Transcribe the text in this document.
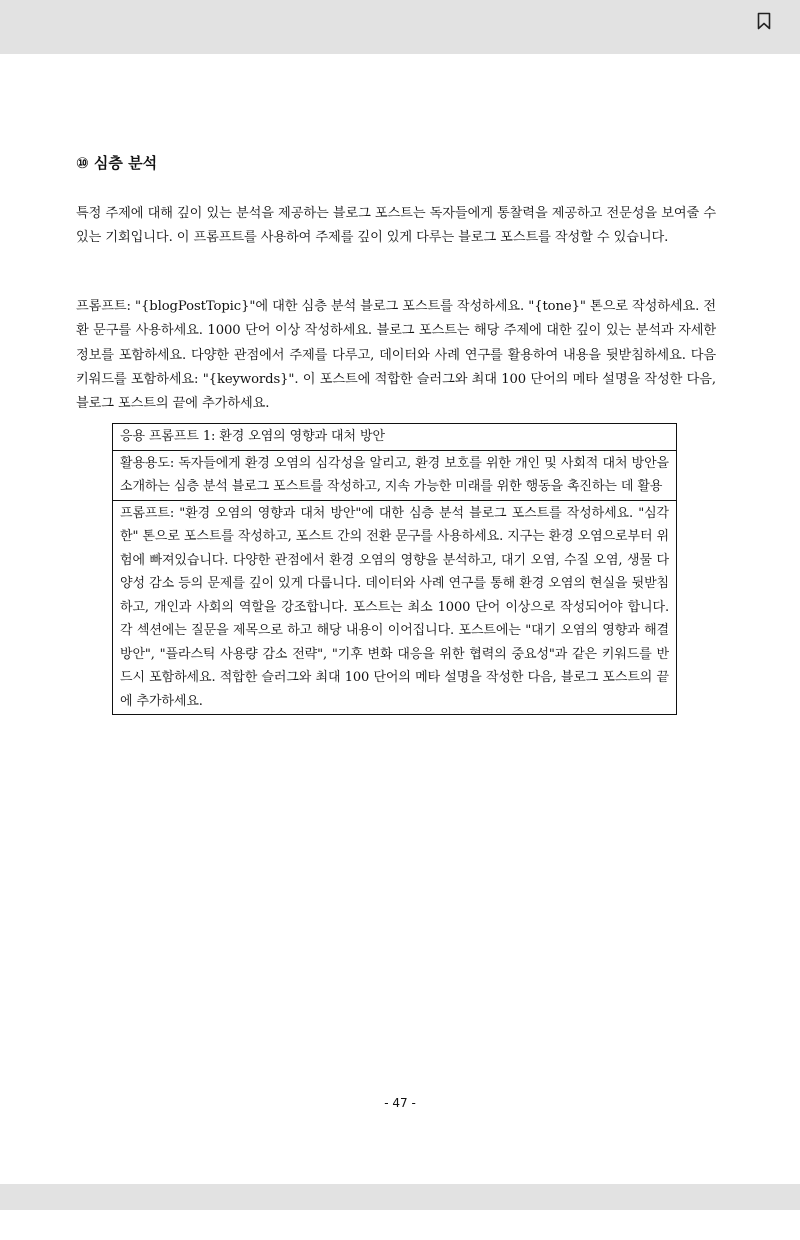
⑩ 심층 분석

특정 주제에 대해 깊이 있는 분석을 제공하는 블로그 포스트는 독자들에게 통찰력을 제공하고 전문성을 보여줄 수 있는 기회입니다. 이 프롬프트를 사용하여 주제를 깊이 있게 다루는 블로그 포스트를 작성할 수 있습니다.

프롬프트: "{blogPostTopic}"에 대한 심층 분석 블로그 포스트를 작성하세요. "{tone}" 톤으로 작성하세요. 전환 문구를 사용하세요. 1000 단어 이상 작성하세요. 블로그 포스트는 해당 주제에 대한 깊이 있는 분석과 자세한 정보를 포함하세요. 다양한 관점에서 주제를 다루고, 데이터와 사례 연구를 활용하여 내용을 뒷받침하세요. 다음 키워드를 포함하세요: "{keywords}". 이 포스트에 적합한 슬러그와 최대 100 단어의 메타 설명을 작성한 다음, 블로그 포스트의 끝에 추가하세요.

응용 프롬프트 1: 환경 오염의 영향과 대처 방안
활용용도: 독자들에게 환경 오염의 심각성을 알리고, 환경 보호를 위한 개인 및 사회적 대처 방안을 소개하는 심층 분석 블로그 포스트를 작성하고, 지속 가능한 미래를 위한 행동을 촉진하는 데 활용
프롬프트: "환경 오염의 영향과 대처 방안"에 대한 심층 분석 블로그 포스트를 작성하세요. "심각한" 톤으로 포스트를 작성하고, 포스트 간의 전환 문구를 사용하세요. 지구는 환경 오염으로부터 위험에 빠져있습니다. 다양한 관점에서 환경 오염의 영향을 분석하고, 대기 오염, 수질 오염, 생물 다양성 감소 등의 문제를 깊이 있게 다룹니다. 데이터와 사례 연구를 통해 환경 오염의 현실을 뒷받침하고, 개인과 사회의 역할을 강조합니다. 포스트는 최소 1000 단어 이상으로 작성되어야 합니다. 각 섹션에는 질문을 제목으로 하고 해당 내용이 이어집니다. 포스트에는 "대기 오염의 영향과 해결 방안", "플라스틱 사용량 감소 전략", "기후 변화 대응을 위한 협력의 중요성"과 같은 키워드를 반드시 포함하세요. 적합한 슬러그와 최대 100 단어의 메타 설명을 작성한 다음, 블로그 포스트의 끝에 추가하세요.

- 47 -
